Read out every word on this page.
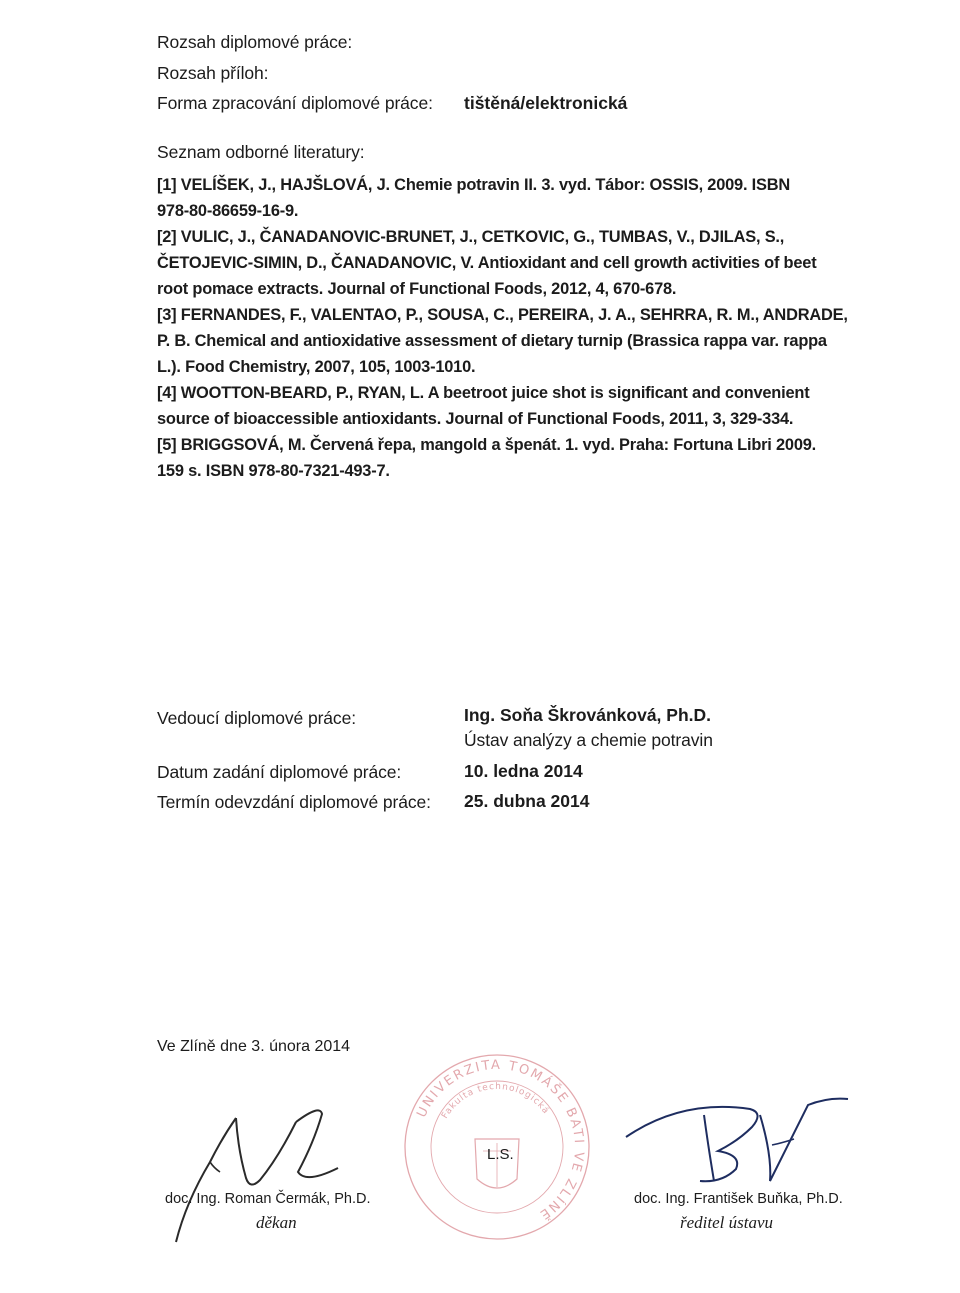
Rozsah diplomové práce:
Rozsah příloh:
Forma zpracování diplomové práce: tištěná/elektronická
Seznam odborné literatury:
[1] VELÍŠEK, J., HAJŠLOVÁ, J. Chemie potravin II. 3. vyd. Tábor: OSSIS, 2009. ISBN
978-80-86659-16-9.
[2] VULIC, J., ČANADANOVIC-BRUNET, J., CETKOVIC, G., TUMBAS, V., DJILAS, S.,
ČETOJEVIC-SIMIN, D., ČANADANOVIC, V. Antioxidant and cell growth activities of beet
root pomace extracts. Journal of Functional Foods, 2012, 4, 670-678.
[3] FERNANDES, F., VALENTAO, P., SOUSA, C., PEREIRA, J. A., SEHRRA, R. M., ANDRADE,
P. B. Chemical and antioxidative assessment of dietary turnip (Brassica rappa var. rappa
L.). Food Chemistry, 2007, 105, 1003-1010.
[4] WOOTTON-BEARD, P., RYAN, L. A beetroot juice shot is significant and convenient
source of bioaccessible antioxidants. Journal of Functional Foods, 2011, 3, 329-334.
[5] BRIGGSOVÁ, M. Červená řepa, mangold a špenát. 1. vyd. Praha: Fortuna Libri 2009.
159 s. ISBN 978-80-7321-493-7.
Vedoucí diplomové práce:	Ing. Soňa Škrovánková, Ph.D.
Ústav analýzy a chemie potravin
Datum zadání diplomové práce:	10. ledna 2014
Termín odevzdání diplomové práce: 25. dubna 2014
Ve Zlíně dne 3. února 2014
UNIVERZITA TOMÁŠE BATI VE ZLÍNĚ
Fakulta technologická
L.S.
doc. Ing. Roman Čermák, Ph.D.
děkan
doc. Ing. František Buňka, Ph.D.
ředitel ústavu
